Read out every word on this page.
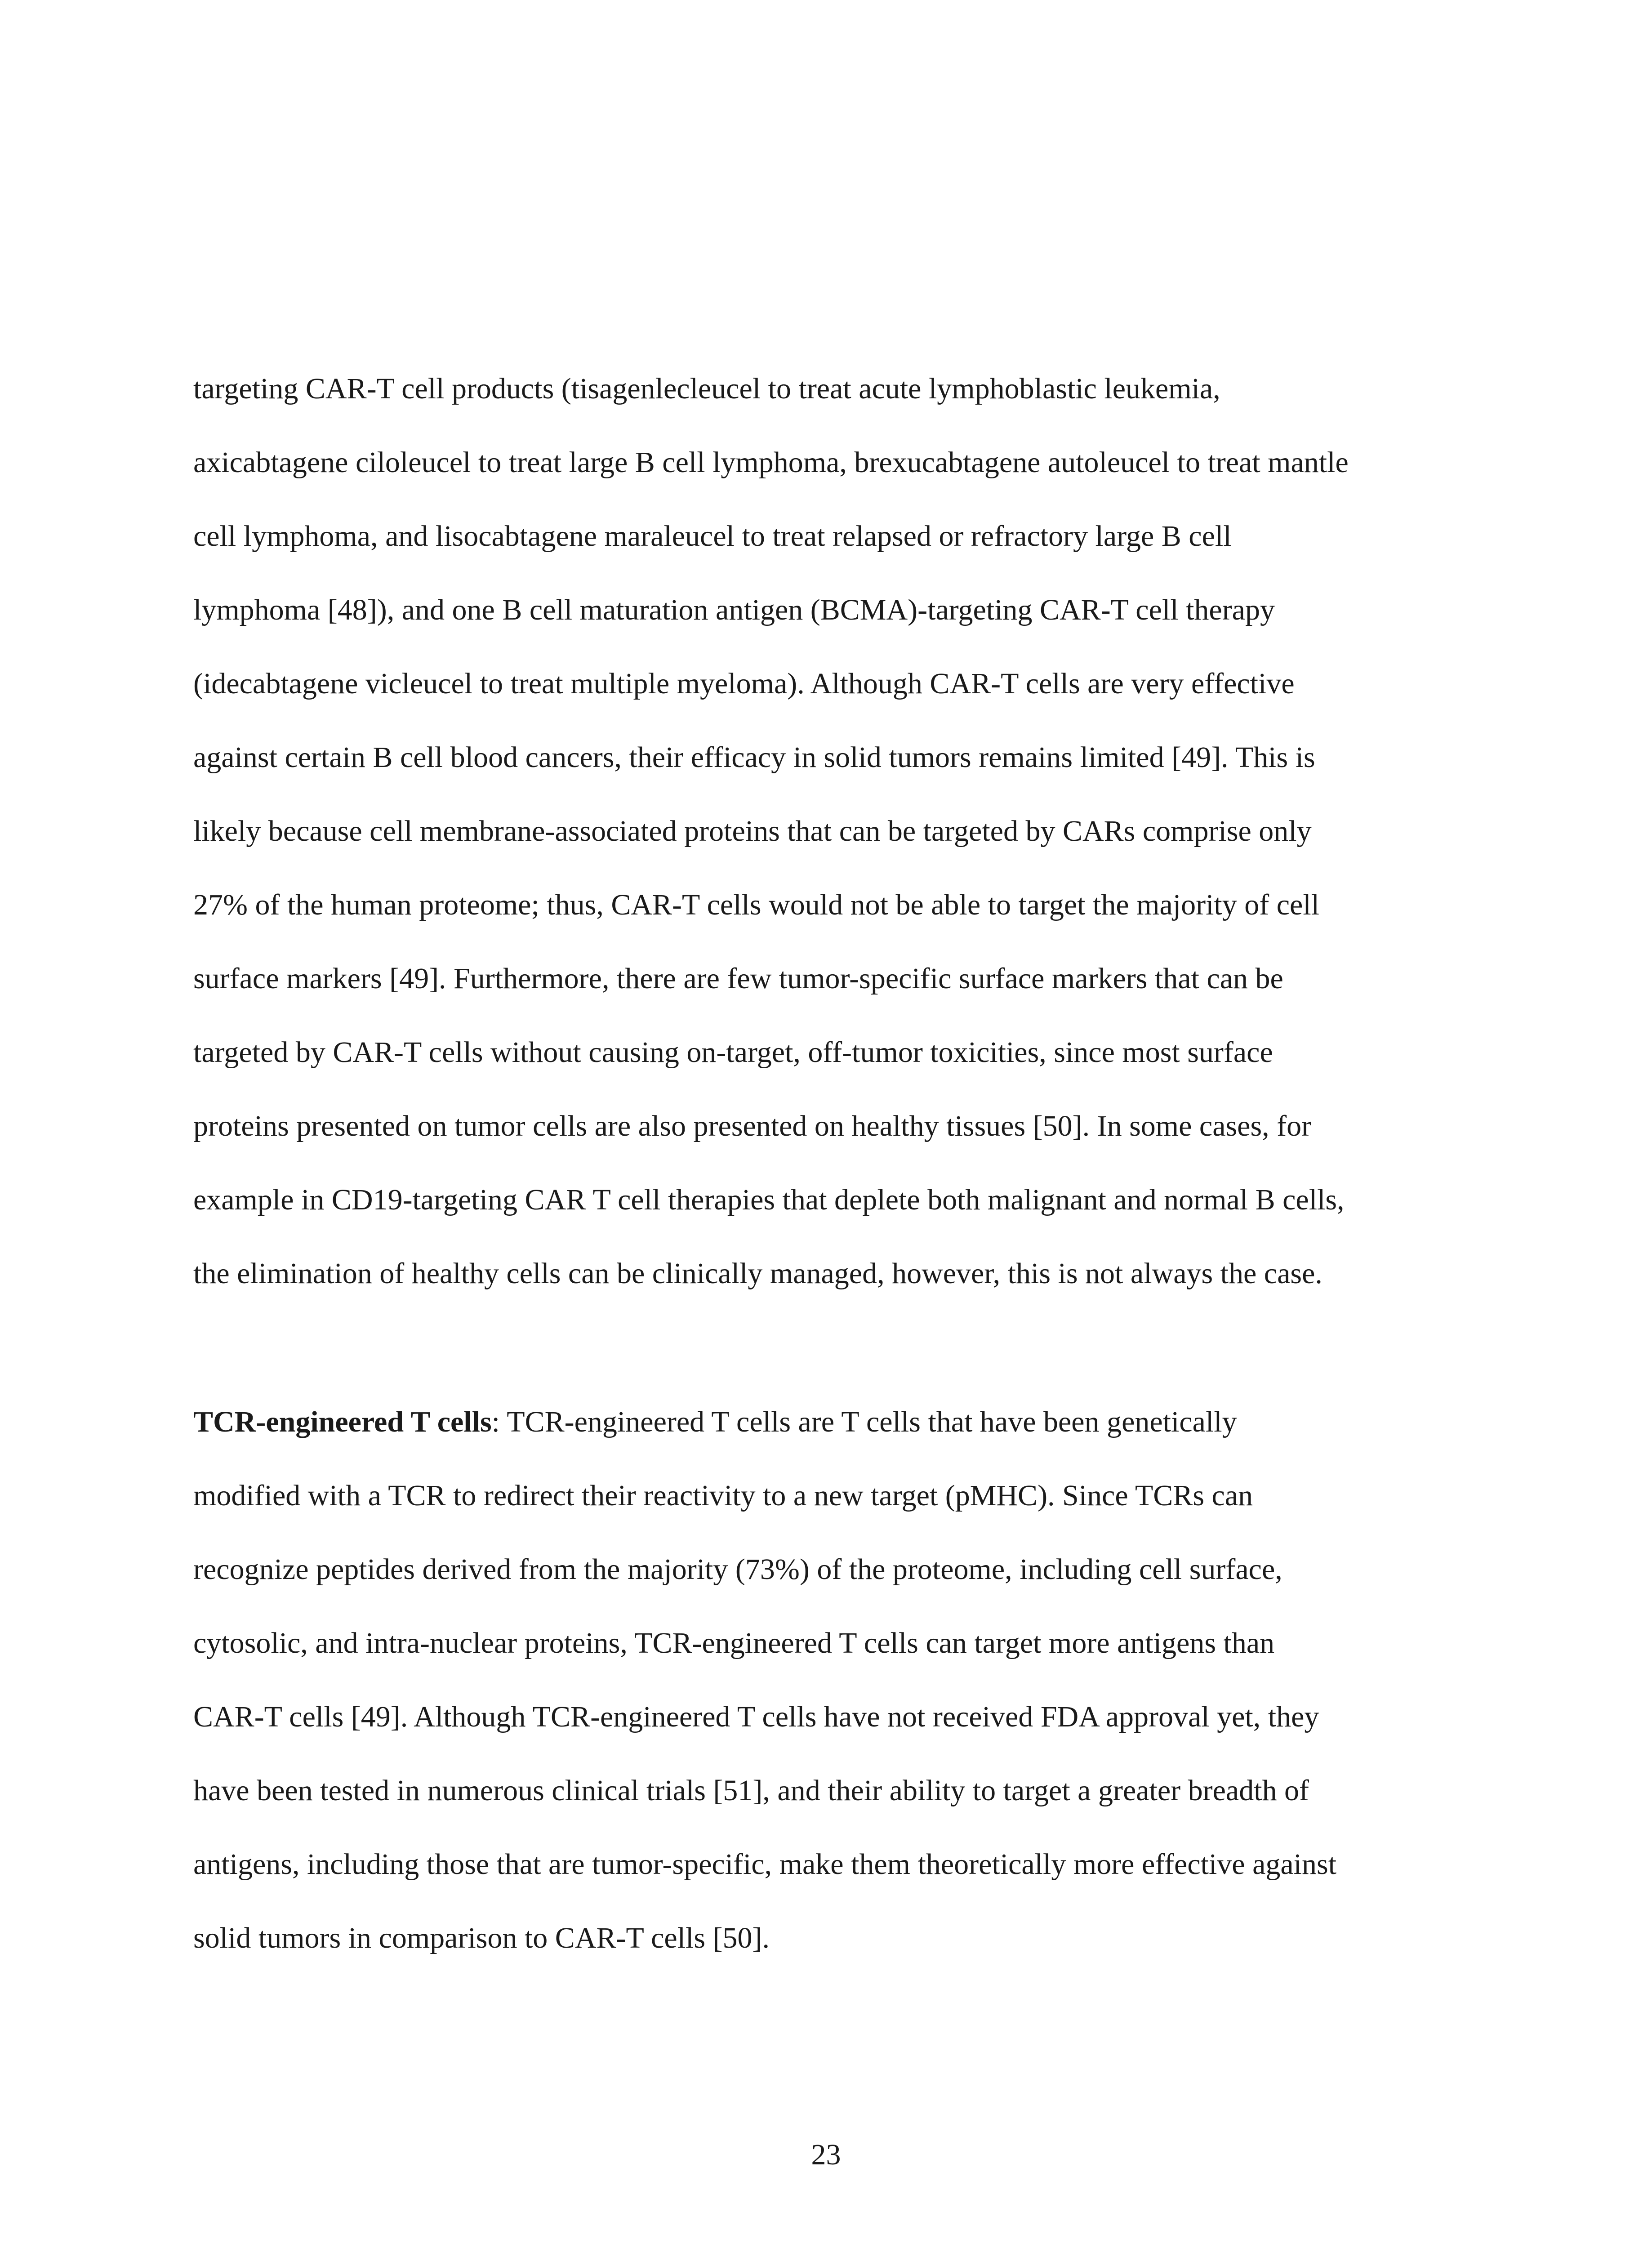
targeting CAR-T cell products (tisagenlecleucel to treat acute lymphoblastic leukemia,

axicabtagene ciloleucel to treat large B cell lymphoma, brexucabtagene autoleucel to treat mantle

cell lymphoma, and lisocabtagene maraleucel to treat relapsed or refractory large B cell

lymphoma [48]), and one B cell maturation antigen (BCMA)-targeting CAR-T cell therapy

(idecabtagene vicleucel to treat multiple myeloma). Although CAR-T cells are very effective

against certain B cell blood cancers, their efficacy in solid tumors remains limited [49]. This is

likely because cell membrane-associated proteins that can be targeted by CARs comprise only

27% of the human proteome; thus, CAR-T cells would not be able to target the majority of cell

surface markers [49]. Furthermore, there are few tumor-specific surface markers that can be

targeted by CAR-T cells without causing on-target, off-tumor toxicities, since most surface

proteins presented on tumor cells are also presented on healthy tissues [50]. In some cases, for

example in CD19-targeting CAR T cell therapies that deplete both malignant and normal B cells,

the elimination of healthy cells can be clinically managed, however, this is not always the case.

TCR-engineered T cells: TCR-engineered T cells are T cells that have been genetically

modified with a TCR to redirect their reactivity to a new target (pMHC). Since TCRs can

recognize peptides derived from the majority (73%) of the proteome, including cell surface,

cytosolic, and intra-nuclear proteins, TCR-engineered T cells can target more antigens than

CAR-T cells [49]. Although TCR-engineered T cells have not received FDA approval yet, they

have been tested in numerous clinical trials [51], and their ability to target a greater breadth of

antigens, including those that are tumor-specific, make them theoretically more effective against

solid tumors in comparison to CAR-T cells [50].

23
